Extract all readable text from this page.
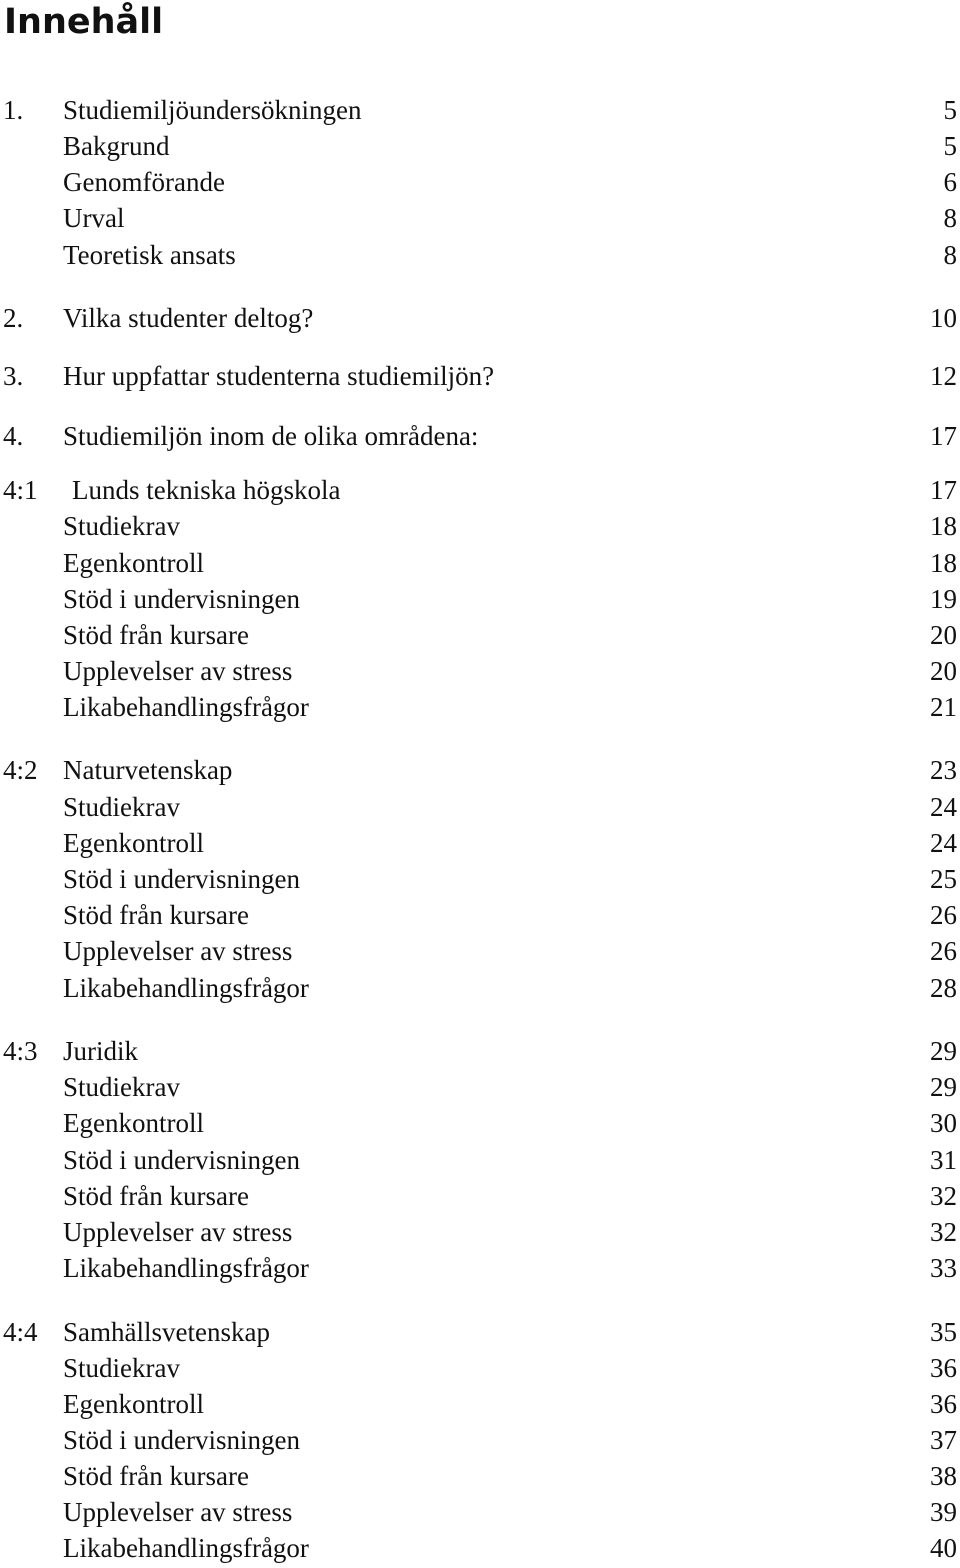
Innehåll
1. Studiemiljöundersökningen	5
Bakgrund	5
Genomförande	6
Urval	8
Teoretisk ansats	8
2. Vilka studenter deltog?	10
3. Hur uppfattar studenterna studiemiljön?	12
4. Studiemiljön inom de olika områdena:	17
4:1 Lunds tekniska högskola	17
Studiekrav	18
Egenkontroll	18
Stöd i undervisningen	19
Stöd från kursare	20
Upplevelser av stress	20
Likabehandlingsfrågor	21
4:2 Naturvetenskap	23
Studiekrav	24
Egenkontroll	24
Stöd i undervisningen	25
Stöd från kursare	26
Upplevelser av stress	26
Likabehandlingsfrågor	28
4:3 Juridik	29
Studiekrav	29
Egenkontroll	30
Stöd i undervisningen	31
Stöd från kursare	32
Upplevelser av stress	32
Likabehandlingsfrågor	33
4:4 Samhällsvetenskap	35
Studiekrav	36
Egenkontroll	36
Stöd i undervisningen	37
Stöd från kursare	38
Upplevelser av stress	39
Likabehandlingsfrågor	40
